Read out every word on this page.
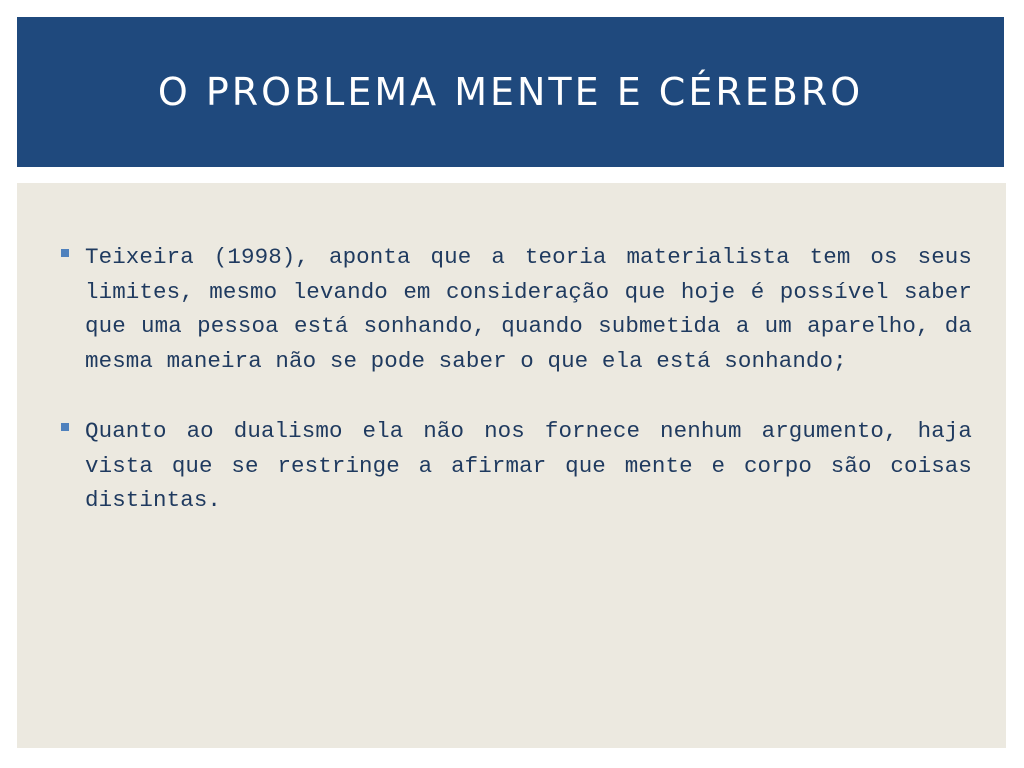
O PROBLEMA MENTE E CÉREBRO
Teixeira (1998), aponta que a teoria materialista tem os seus limites, mesmo levando em consideração que hoje é possível saber que uma pessoa está sonhando, quando submetida a um aparelho, da mesma maneira não se pode saber o que ela está sonhando;
Quanto ao dualismo ela não nos fornece nenhum argumento, haja vista que se restringe a afirmar que mente e corpo são coisas distintas.
